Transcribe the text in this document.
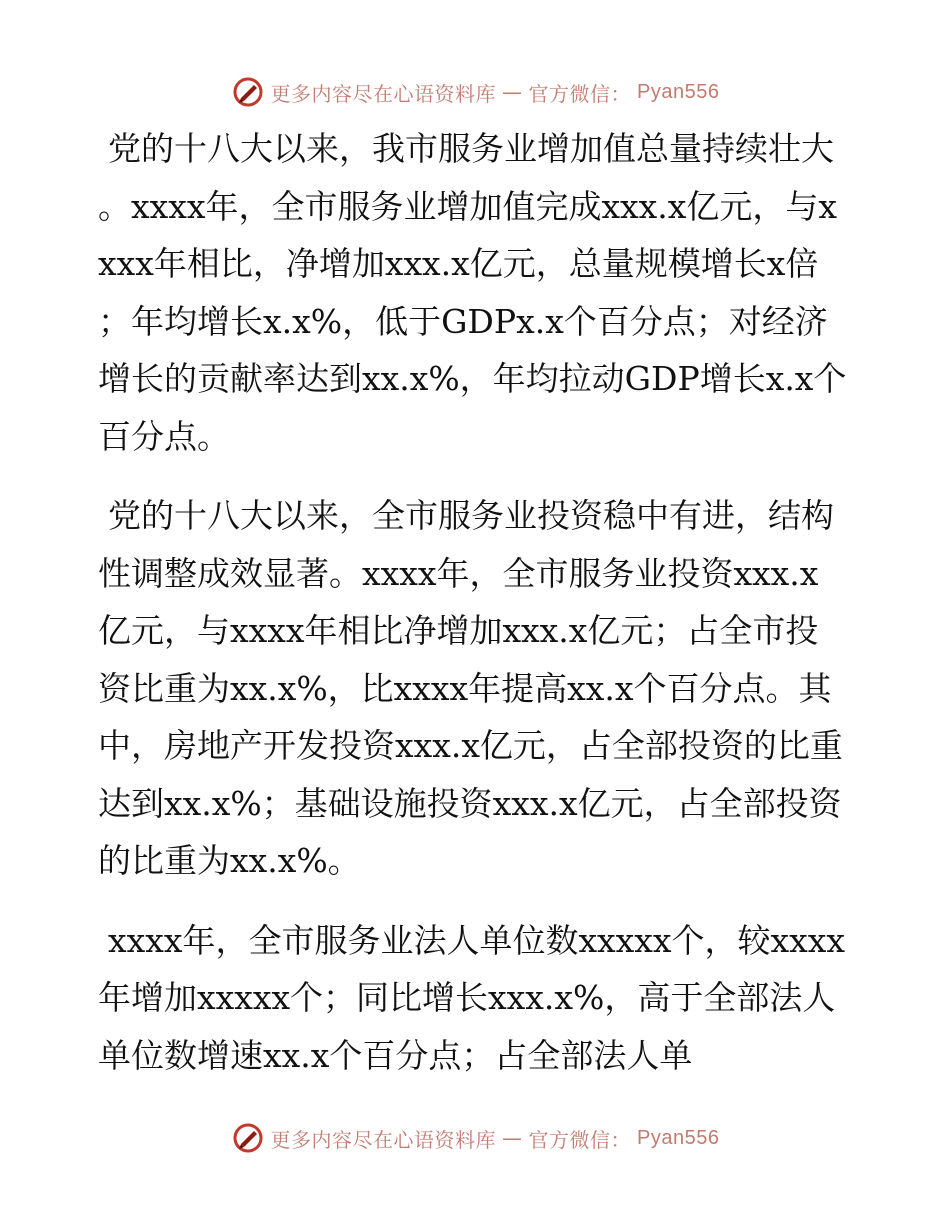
更多内容尽在心语资料库 — 官方微信： Pyan556

党的十八大以来，我市服务业增加值总量持续壮大。xxxx年，全市服务业增加值完成xxx.x亿元，与xxxx年相比，净增加xxx.x亿元，总量规模增长x倍；年均增长x.x%，低于GDPx.x个百分点；对经济增长的贡献率达到xx.x%，年均拉动GDP增长x.x个百分点。

党的十八大以来，全市服务业投资稳中有进，结构性调整成效显著。xxxx年，全市服务业投资xxx.x亿元，与xxxx年相比净增加xxx.x亿元；占全市投资比重为xx.x%，比xxxx年提高xx.x个百分点。其中，房地产开发投资xxx.x亿元，占全部投资的比重达到xx.x%；基础设施投资xxx.x亿元，占全部投资的比重为xx.x%。

xxxx年，全市服务业法人单位数xxxxx个，较xxxx年增加xxxxx个；同比增长xxx.x%，高于全部法人单位数增速xx.x个百分点；占全部法人单

更多内容尽在心语资料库 — 官方微信： Pyan556
